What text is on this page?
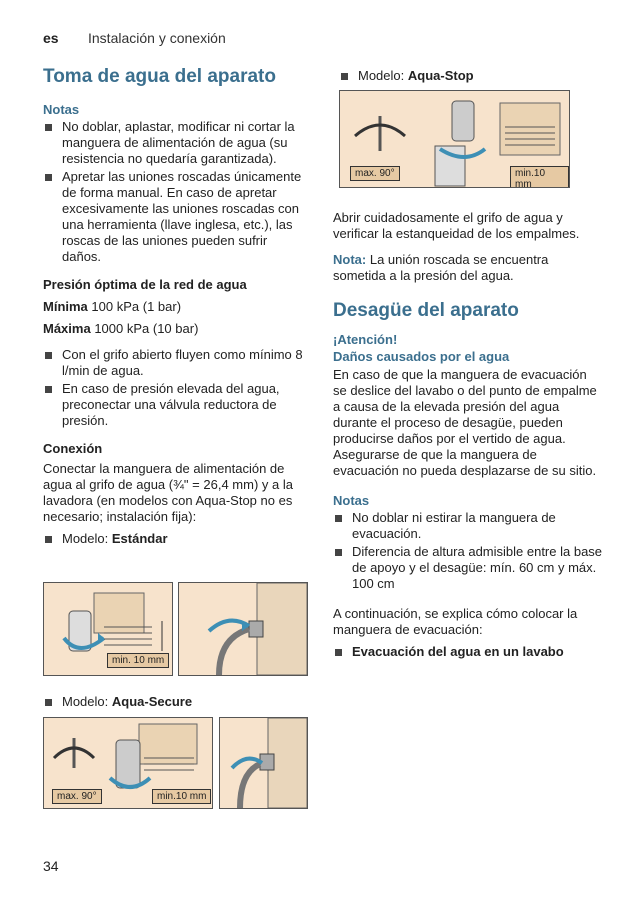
es Instalación y conexión
Toma de agua del aparato

Notas

No doblar, aplastar, modificar ni cortar la manguera de alimentación de agua (su resistencia no quedaría garantizada).
Apretar las uniones roscadas únicamente de forma manual. En caso de apretar excesivamente las uniones roscadas con una herramienta (llave inglesa, etc.), las roscas de las uniones pueden sufrir daños.

Presión óptima de la red de agua

Mínima 100 kPa (1 bar)

Máxima 1000 kPa (10 bar)

Con el grifo abierto fluyen como mínimo 8 l/min de agua.
En caso de presión elevada del agua, preconectar una válvula reductora de presión.

Conexión

Conectar la manguera de alimentación de agua al grifo de agua (¾" = 26,4 mm) y a la lavadora (en modelos con Aqua-Stop no es necesario; instalación fija):

Modelo: Estándar
min. 10 mm
Modelo: Aqua-Secure
max. 90°	min.10 mm
Modelo: Aqua-Stop
max. 90°	min.10 mm

Abrir cuidadosamente el grifo de agua y verificar la estanqueidad de los empalmes.

Nota: La unión roscada se encuentra sometida a la presión del agua.

Desagüe del aparato

¡Atención!

Daños causados por el agua

En caso de que la manguera de evacuación se deslice del lavabo o del punto de empalme a causa de la elevada presión del agua durante el proceso de desagüe, pueden producirse daños por el vertido de agua.

Asegurarse de que la manguera de evacuación no pueda desplazarse de su sitio.

Notas

No doblar ni estirar la manguera de evacuación.
Diferencia de altura admisible entre la base de apoyo y el desagüe: mín. 60 cm y máx. 100 cm

A continuación, se explica cómo colocar la manguera de evacuación:

Evacuación del agua en un lavabo
34
